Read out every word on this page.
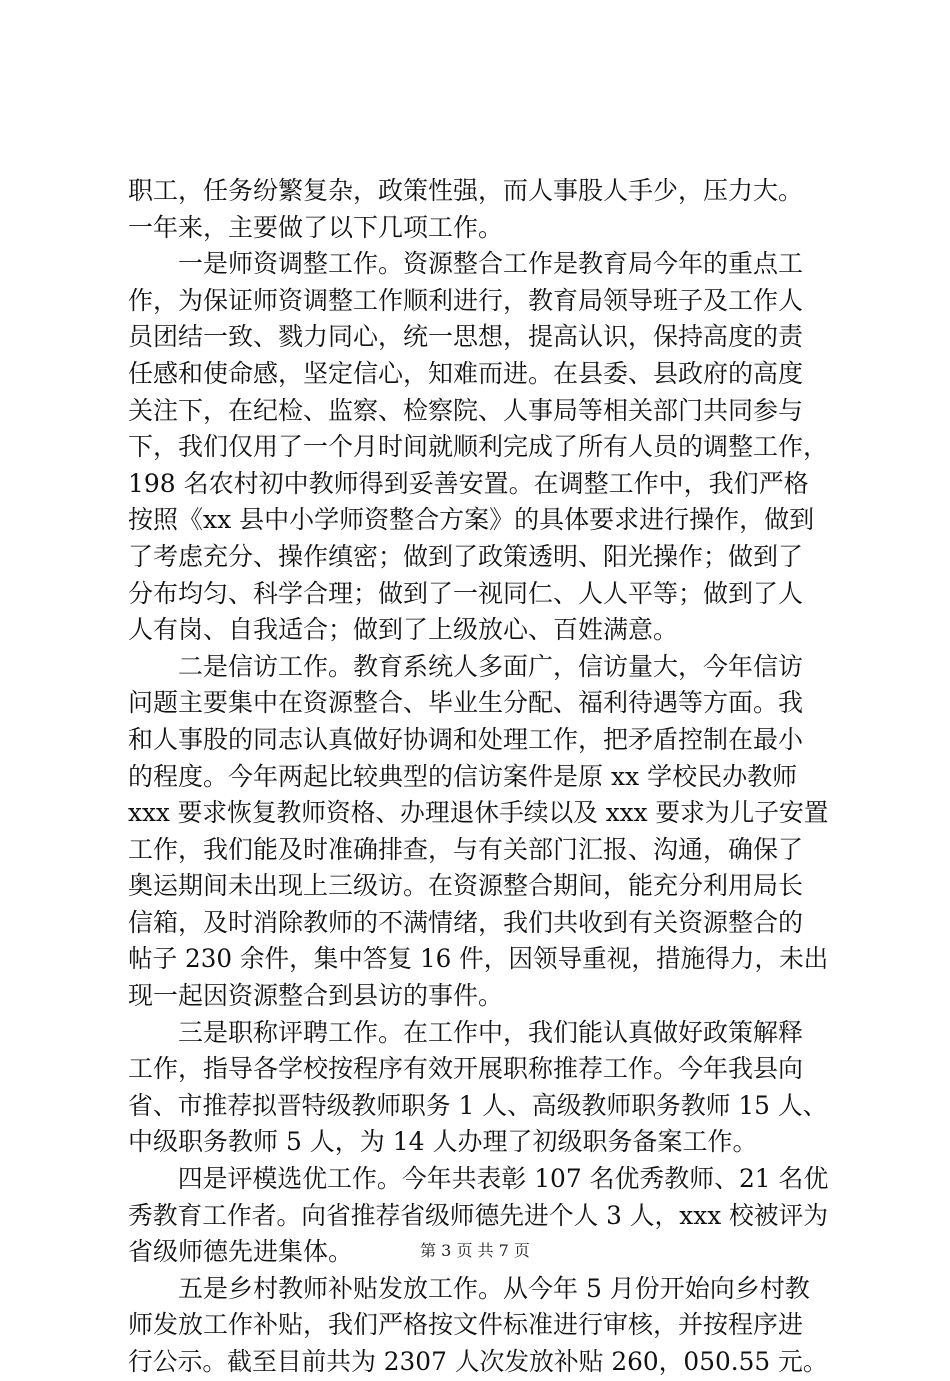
职工，任务纷繁复杂，政策性强，而人事股人手少，压力大。
一年来，主要做了以下几项工作。
　　一是师资调整工作。资源整合工作是教育局今年的重点工
作，为保证师资调整工作顺利进行，教育局领导班子及工作人
员团结一致、戮力同心，统一思想，提高认识，保持高度的责
任感和使命感，坚定信心，知难而进。在县委、县政府的高度
关注下，在纪检、监察、检察院、人事局等相关部门共同参与
下，我们仅用了一个月时间就顺利完成了所有人员的调整工作，
198 名农村初中教师得到妥善安置。在调整工作中，我们严格
按照《xx 县中小学师资整合方案》的具体要求进行操作，做到
了考虑充分、操作缜密；做到了政策透明、阳光操作；做到了
分布均匀、科学合理；做到了一视同仁、人人平等；做到了人
人有岗、自我适合；做到了上级放心、百姓满意。
　　二是信访工作。教育系统人多面广，信访量大，今年信访
问题主要集中在资源整合、毕业生分配、福利待遇等方面。我
和人事股的同志认真做好协调和处理工作，把矛盾控制在最小
的程度。今年两起比较典型的信访案件是原 xx 学校民办教师
xxx 要求恢复教师资格、办理退休手续以及 xxx 要求为儿子安置
工作，我们能及时准确排查，与有关部门汇报、沟通，确保了
奥运期间未出现上三级访。在资源整合期间，能充分利用局长
信箱，及时消除教师的不满情绪，我们共收到有关资源整合的
帖子 230 余件，集中答复 16 件，因领导重视，措施得力，未出
现一起因资源整合到县访的事件。
　　三是职称评聘工作。在工作中，我们能认真做好政策解释
工作，指导各学校按程序有效开展职称推荐工作。今年我县向
省、市推荐拟晋特级教师职务 1 人、高级教师职务教师 15 人、
中级职务教师 5 人，为 14 人办理了初级职务备案工作。
　　四是评模选优工作。今年共表彰 107 名优秀教师、21 名优
秀教育工作者。向省推荐省级师德先进个人 3 人，xxx 校被评为
省级师德先进集体。
　　五是乡村教师补贴发放工作。从今年 5 月份开始向乡村教
师发放工作补贴，我们严格按文件标准进行审核，并按程序进
行公示。截至目前共为 2307 人次发放补贴 260，050.55 元。
第 3 页 共 7 页
